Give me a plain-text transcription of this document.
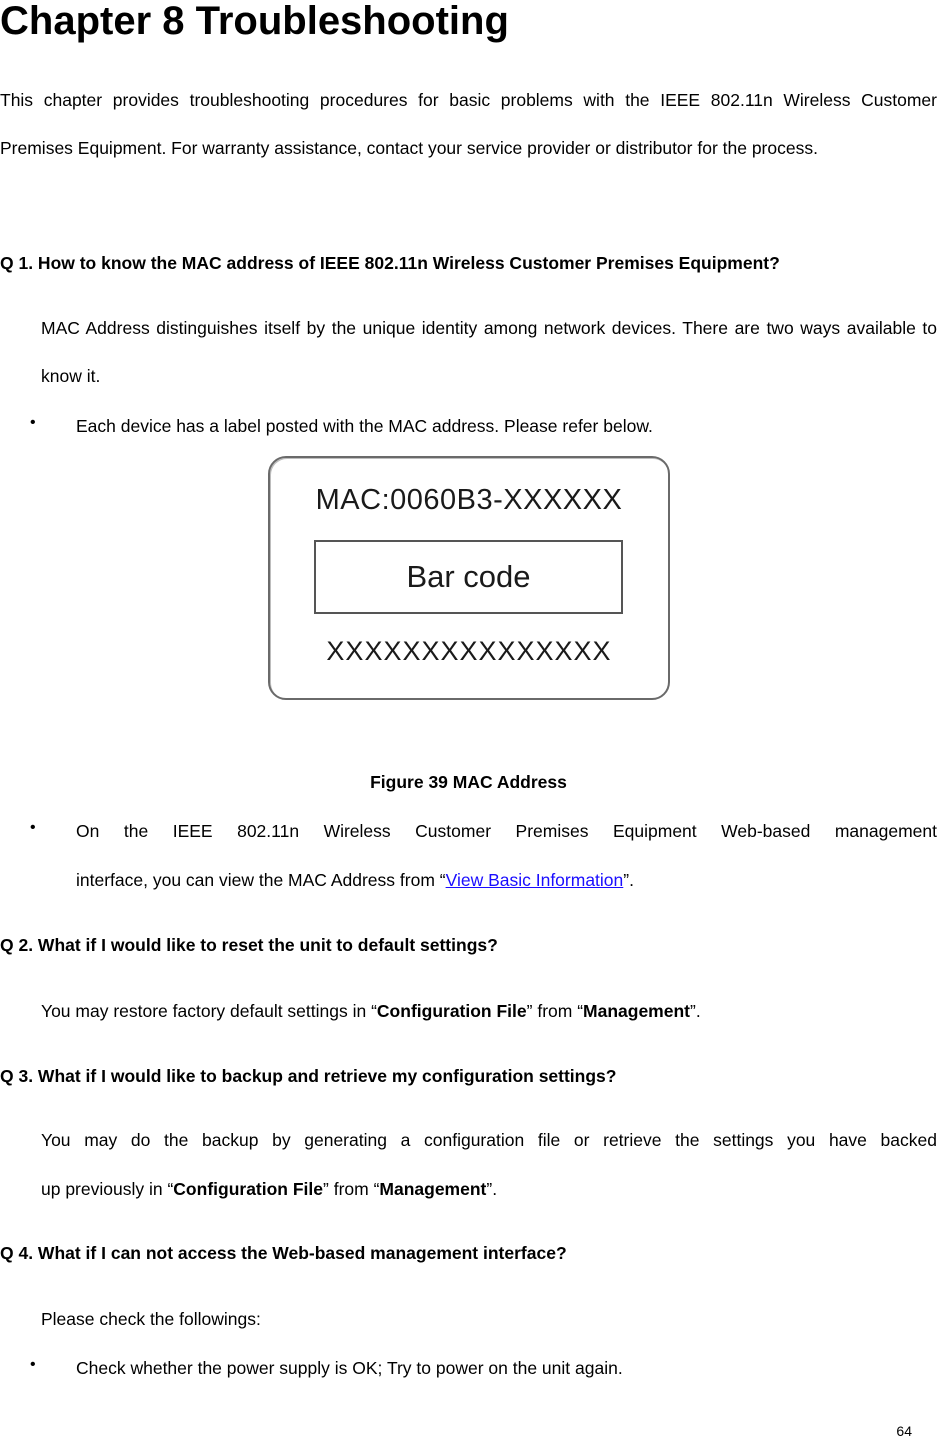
Chapter 8 Troubleshooting
This chapter provides troubleshooting procedures for basic problems with the IEEE 802.11n Wireless Customer Premises Equipment. For warranty assistance, contact your service provider or distributor for the process.
Q 1. How to know the MAC address of IEEE 802.11n Wireless Customer Premises Equipment?
MAC Address distinguishes itself by the unique identity among network devices. There are two ways available to know it.
• Each device has a label posted with the MAC address. Please refer below.
MAC:0060B3-XXXXXX
Bar code
XXXXXXXXXXXXXXX
Figure 39 MAC Address
• On the IEEE 802.11n Wireless Customer Premises Equipment Web-based management
interface, you can view the MAC Address from “View Basic Information”.
Q 2. What if I would like to reset the unit to default settings?
You may restore factory default settings in “Configuration File” from “Management”.
Q 3. What if I would like to backup and retrieve my configuration settings?
You may do the backup by generating a configuration file or retrieve the settings you have backed
up previously in “Configuration File” from “Management”.
Q 4. What if I can not access the Web-based management interface?
Please check the followings:
• Check whether the power supply is OK; Try to power on the unit again.
64
